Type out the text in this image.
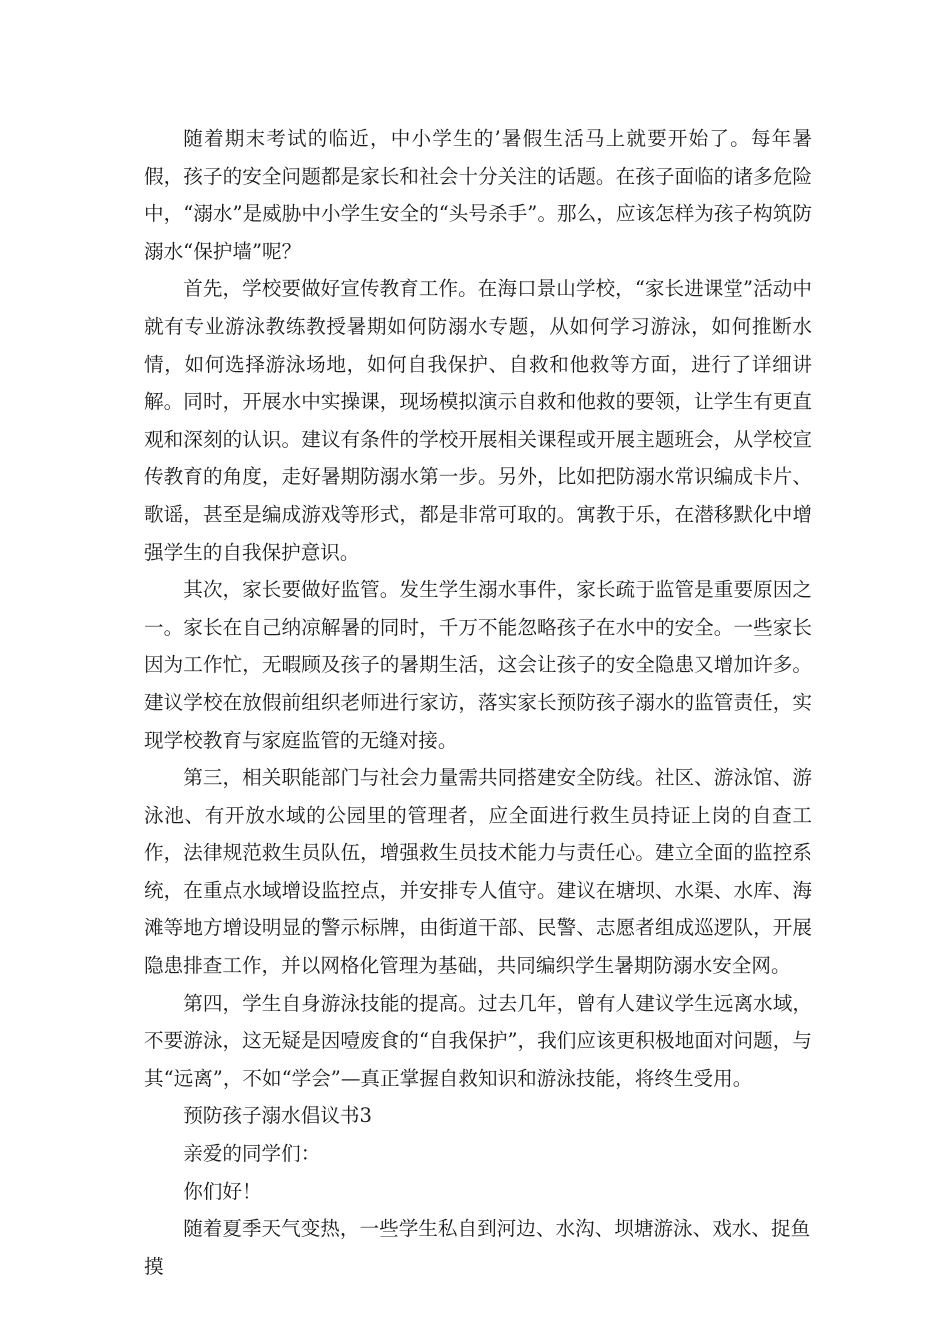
随着期末考试的临近，中小学生的’暑假生活马上就要开始了。每年暑假，孩子的安全问题都是家长和社会十分关注的话题。在孩子面临的诸多危险中，“溺水”是威胁中小学生安全的“头号杀手”。那么，应该怎样为孩子构筑防溺水“保护墙”呢？

首先，学校要做好宣传教育工作。在海口景山学校，“家长进课堂”活动中就有专业游泳教练教授暑期如何防溺水专题，从如何学习游泳，如何推断水情，如何选择游泳场地，如何自我保护、自救和他救等方面，进行了详细讲解。同时，开展水中实操课，现场模拟演示自救和他救的要领，让学生有更直观和深刻的认识。建议有条件的学校开展相关课程或开展主题班会，从学校宣传教育的角度，走好暑期防溺水第一步。另外，比如把防溺水常识编成卡片、歌谣，甚至是编成游戏等形式，都是非常可取的。寓教于乐，在潜移默化中增强学生的自我保护意识。

其次，家长要做好监管。发生学生溺水事件，家长疏于监管是重要原因之一。家长在自己纳凉解暑的同时，千万不能忽略孩子在水中的安全。一些家长因为工作忙，无暇顾及孩子的暑期生活，这会让孩子的安全隐患又增加许多。建议学校在放假前组织老师进行家访，落实家长预防孩子溺水的监管责任，实现学校教育与家庭监管的无缝对接。

第三，相关职能部门与社会力量需共同搭建安全防线。社区、游泳馆、游泳池、有开放水域的公园里的管理者，应全面进行救生员持证上岗的自查工作，法律规范救生员队伍，增强救生员技术能力与责任心。建立全面的监控系统，在重点水域增设监控点，并安排专人值守。建议在塘坝、水渠、水库、海滩等地方增设明显的警示标牌，由街道干部、民警、志愿者组成巡逻队，开展隐患排查工作，并以网格化管理为基础，共同编织学生暑期防溺水安全网。

第四，学生自身游泳技能的提高。过去几年，曾有人建议学生远离水域，不要游泳，这无疑是因噎废食的“自我保护”，我们应该更积极地面对问题，与其“远离”，不如“学会”—真正掌握自救知识和游泳技能，将终生受用。

预防孩子溺水倡议书3

亲爱的同学们：

你们好！

随着夏季天气变热，一些学生私自到河边、水沟、坝塘游泳、戏水、捉鱼摸
